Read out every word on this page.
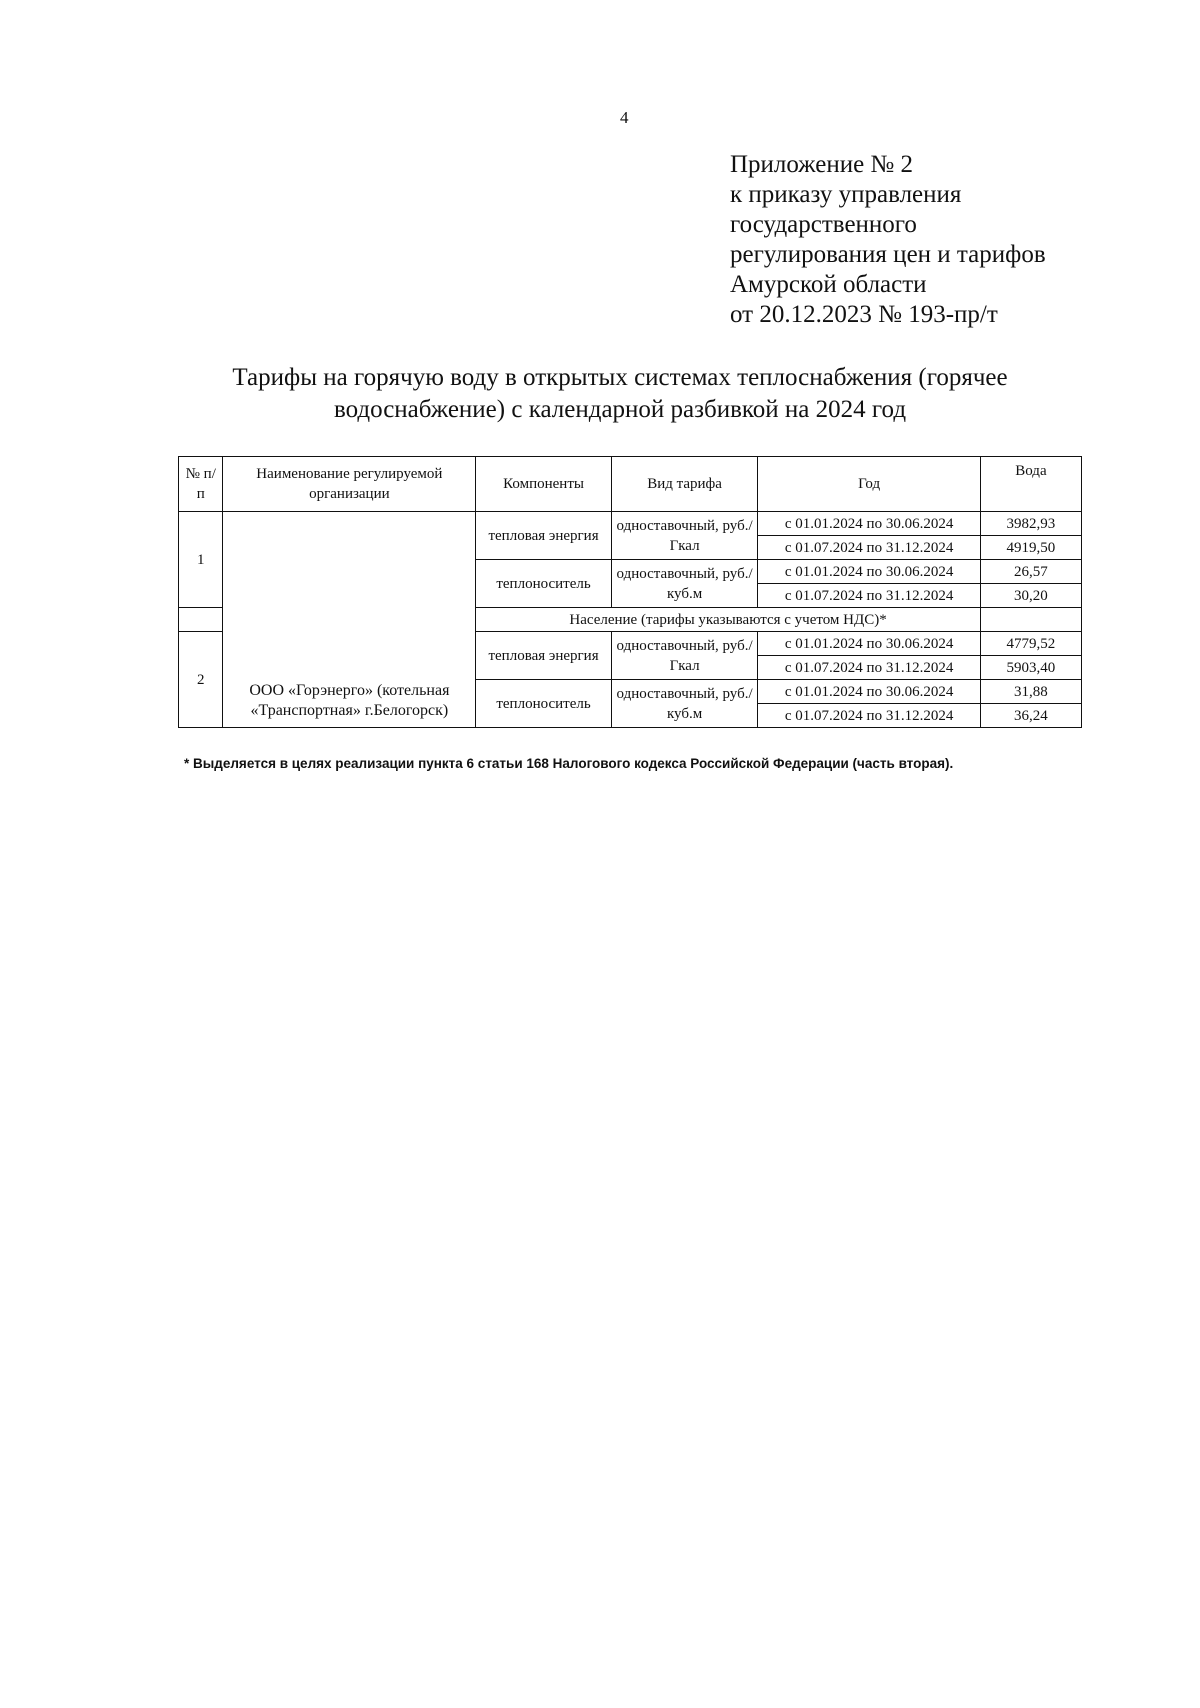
4
Приложение № 2
к приказу управления
государственного
регулирования цен и тарифов
Амурской области
от 20.12.2023 № 193-пр/т
Тарифы на горячую воду в открытых системах теплоснабжения (горячее
водоснабжение) с календарной разбивкой на 2024 год
№ п/п	Наименование регулируемой организации	Компоненты	Вид тарифа	Год	Вода
1	ООО «Горэнерго» (котельная «Транспортная» г.Белогорск)	тепловая энергия	одноставочный, руб./Гкал	с 01.01.2024 по 30.06.2024	3982,93
				с 01.07.2024 по 31.12.2024	4919,50
		теплоноситель	одноставочный, руб./куб.м	с 01.01.2024 по 30.06.2024	26,57
				с 01.07.2024 по 31.12.2024	30,20
		Население (тарифы указываются с учетом НДС)*			
2		тепловая энергия	одноставочный, руб./Гкал	с 01.01.2024 по 30.06.2024	4779,52
				с 01.07.2024 по 31.12.2024	5903,40
		теплоноситель	одноставочный, руб./куб.м	с 01.01.2024 по 30.06.2024	31,88
				с 01.07.2024 по 31.12.2024	36,24
* Выделяется в целях реализации пункта 6 статьи 168 Налогового кодекса Российской Федерации (часть вторая).
